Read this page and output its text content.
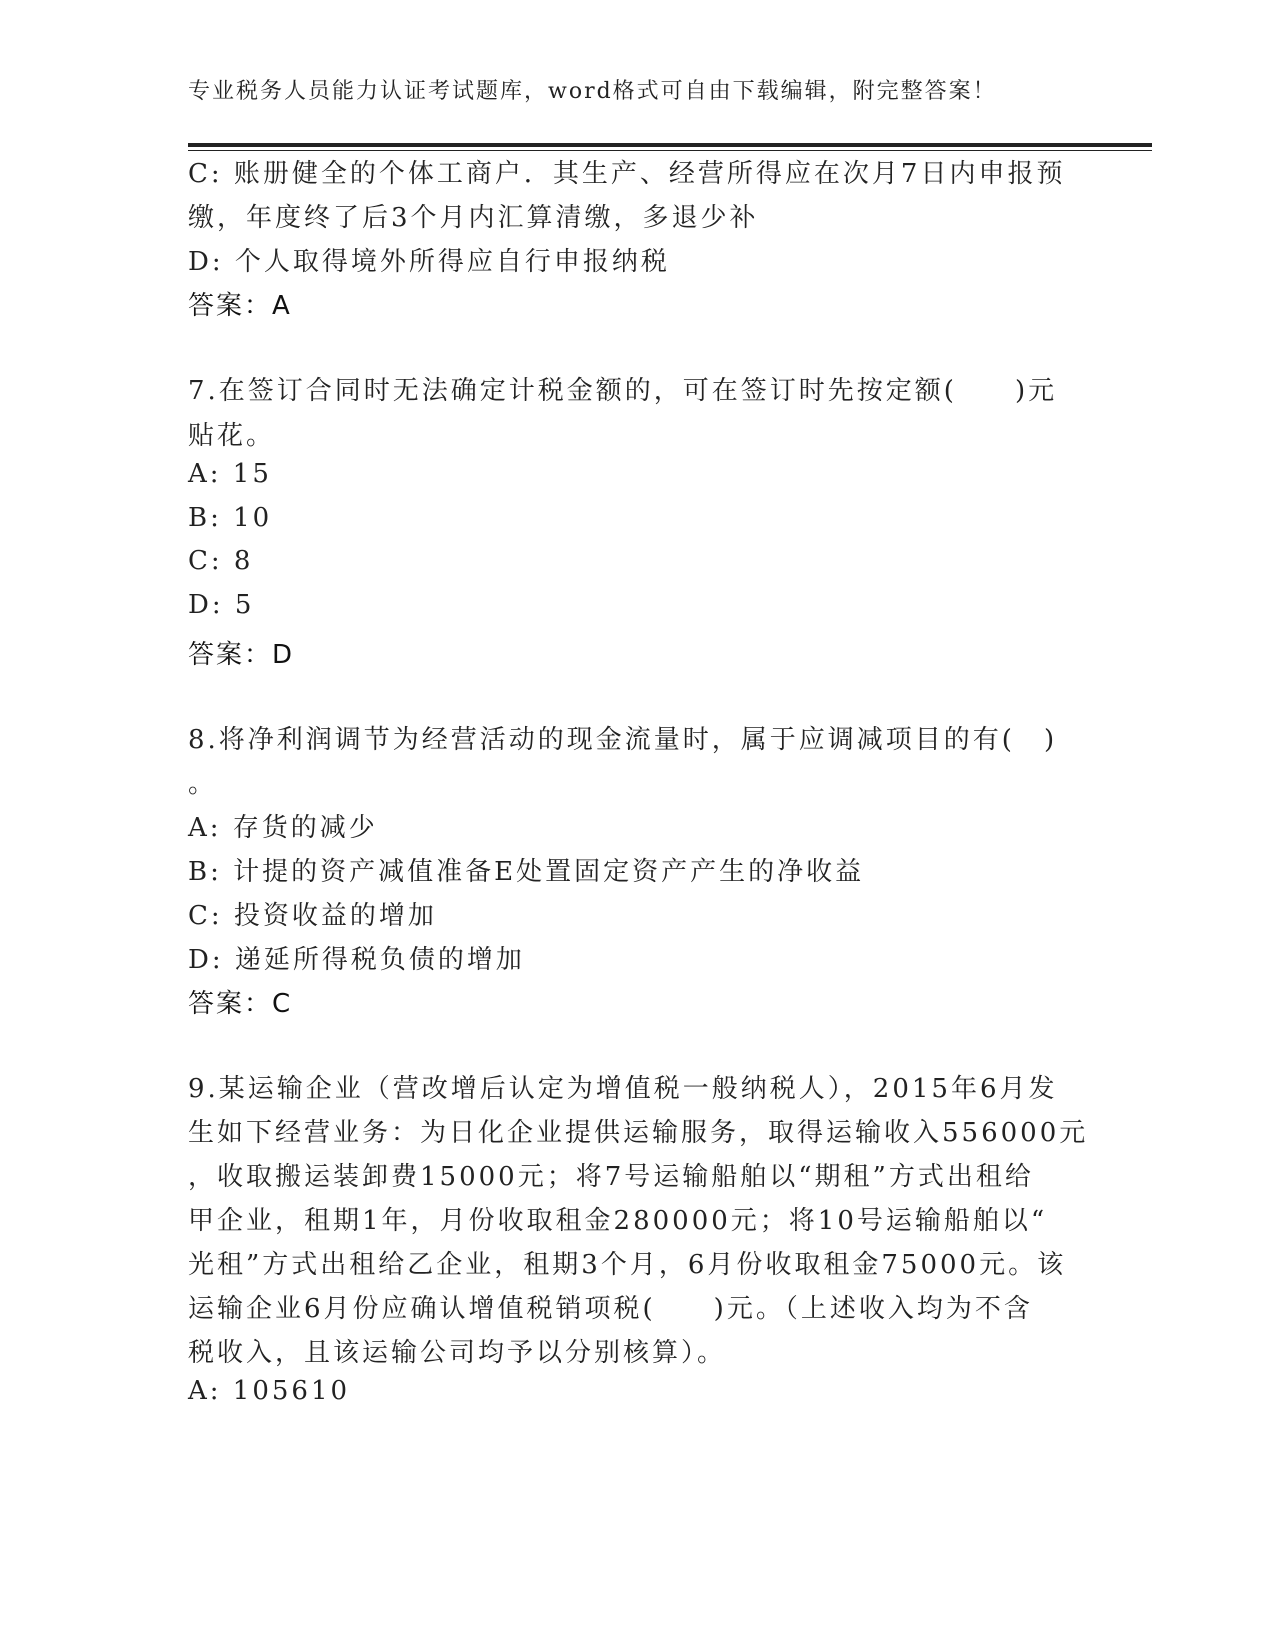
专业税务人员能力认证考试题库，word格式可自由下载编辑，附完整答案！
C: 账册健全的个体工商户．其生产、经营所得应在次月7日内申报预
缴，年度终了后3个月内汇算清缴，多退少补
D: 个人取得境外所得应自行申报纳税
答案：A
7.在签订合同时无法确定计税金额的，可在签订时先按定额(　　)元
贴花。
A: 15
B: 10
C: 8
D: 5
答案：D
8.将净利润调节为经营活动的现金流量时，属于应调减项目的有(　)
。
A: 存货的减少
B: 计提的资产减值准备E处置固定资产产生的净收益
C: 投资收益的增加
D: 递延所得税负债的增加
答案：C
9.某运输企业（营改增后认定为增值税一般纳税人），2015年6月发
生如下经营业务：为日化企业提供运输服务，取得运输收入556000元
，收取搬运装卸费15000元；将7号运输船舶以“期租”方式出租给
甲企业，租期1年，月份收取租金280000元；将10号运输船舶以“
光租”方式出租给乙企业，租期3个月，6月份收取租金75000元。该
运输企业6月份应确认增值税销项税(　　)元。（上述收入均为不含
税收入，且该运输公司均予以分别核算）。
A: 105610
